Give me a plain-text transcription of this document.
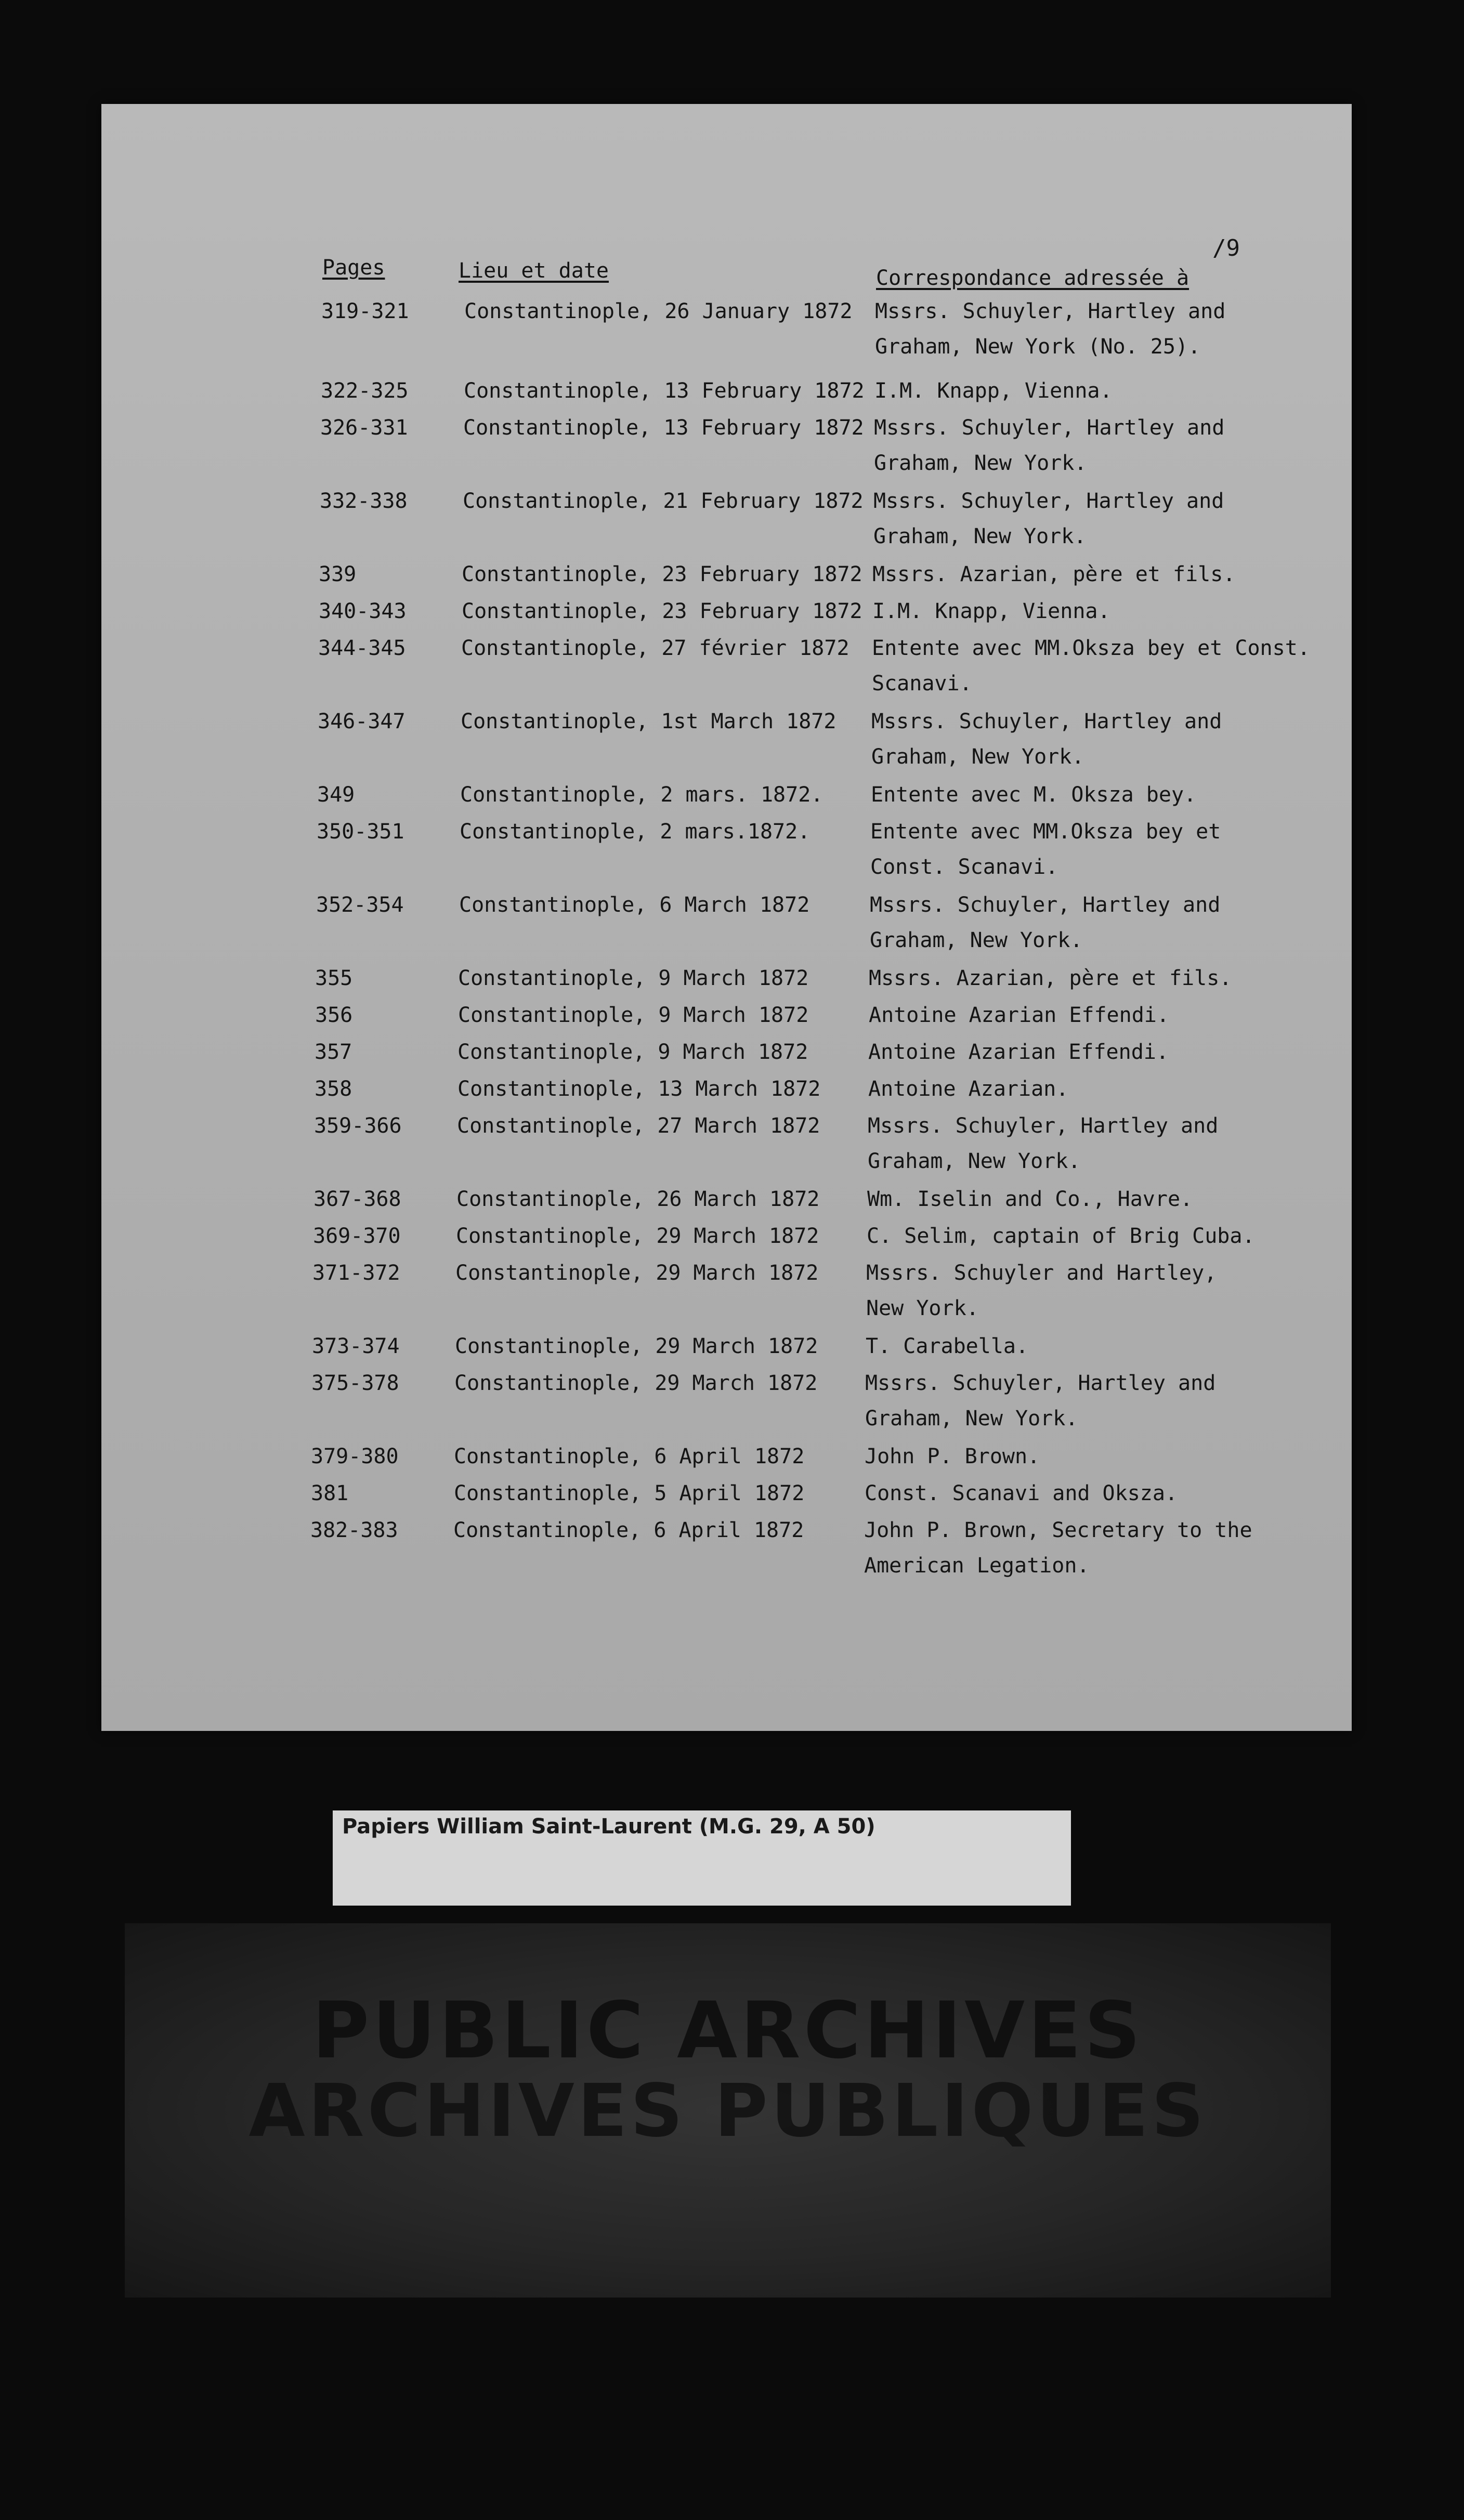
/9
Pages	Lieu et date	Correspondance adressée à
319-321	Constantinople, 26 January 1872 Mssrs. Schuyler, Hartley and
Graham, New York (No. 25).
322-325	Constantinople, 13 February 1872 I.M. Knapp, Vienna.
326-331	Constantinople, 13 February 1872 Mssrs. Schuyler, Hartley and
Graham, New York.
332-338	Constantinople, 21 February 1872 Mssrs. Schuyler, Hartley and
Graham, New York.
339	Constantinople, 23 February 1872 Mssrs. Azarian, père et fils.
340-343	Constantinople, 23 February 1872 I.M. Knapp, Vienna.
344-345	Constantinople, 27 février 1872 Entente avec MM.Oksza bey et Const.
Scanavi.
346-347	Constantinople, 1st March 1872 Mssrs. Schuyler, Hartley and
Graham, New York.
349	Constantinople, 2 mars. 1872. Entente avec M. Oksza bey.
350-351	Constantinople, 2 mars.1872.	Entente avec MM.Oksza bey et
Const. Scanavi.
352-354	Constantinople, 6 March 1872	Mssrs. Schuyler, Hartley and
Graham, New York.
355	Constantinople, 9 March 1872	Mssrs. Azarian, père et fils.
356	Constantinople, 9 March 1872	Antoine Azarian Effendi.
357	Constantinople, 9 March 1872	Antoine Azarian Effendi.
358	Constantinople, 13 March 1872 Antoine Azarian.
359-366	Constantinople, 27 March 1872 Mssrs. Schuyler, Hartley and
Graham, New York.
367-368	Constantinople, 26 March 1872 Wm. Iselin and Co., Havre.
369-370	Constantinople, 29 March 1872 C. Selim, captain of Brig Cuba.
371-372	Constantinople, 29 March 1872 Mssrs. Schuyler and Hartley,
New York.
373-374	Constantinople, 29 March 1872 T. Carabella.
375-378	Constantinople, 29 March 1872 Mssrs. Schuyler, Hartley and
Graham, New York.
379-380	Constantinople, 6 April 1872	John P. Brown.
381	Constantinople, 5 April 1872	Const. Scanavi and Oksza.
382-383	Constantinople, 6 April 1872	John P. Brown, Secretary to the
American Legation.
Papiers William Saint-Laurent (M.G. 29, A 50)
PUBLIC ARCHIVES
ARCHIVES PUBLIQUES
